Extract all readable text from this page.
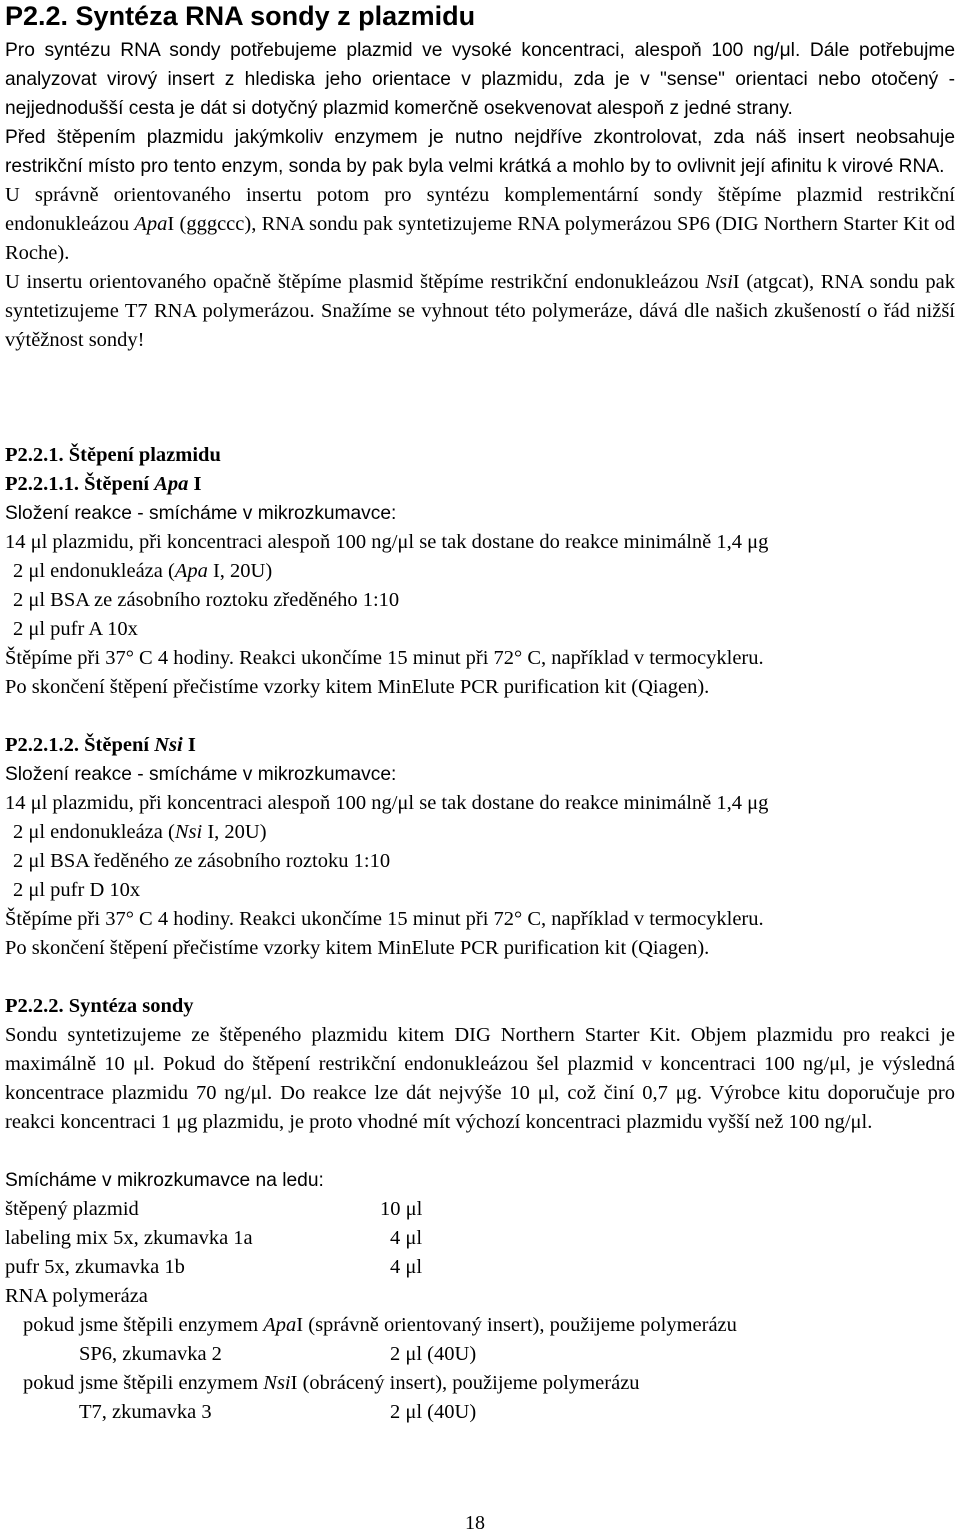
P2.2. Syntéza RNA sondy z plazmidu

Pro syntézu RNA sondy potřebujeme plazmid ve vysoké koncentraci, alespoň 100 ng/μl. Dále potřebujme analyzovat virový insert z hlediska jeho orientace v plazmidu, zda je v "sense" orientaci nebo otočený - nejjednodušší cesta je dát si dotyčný plazmid komerčně osekvenovat alespoň z jedné strany.

Před štěpením plazmidu jakýmkoliv enzymem je nutno nejdříve zkontrolovat, zda náš insert neobsahuje restrikční místo pro tento enzym, sonda by pak byla velmi krátká a mohlo by to ovlivnit její afinitu k virové RNA.

U správně orientovaného insertu potom pro syntézu komplementární sondy štěpíme plazmid restrikční endonukleázou ApaI (gggccc), RNA sondu pak syntetizujeme RNA polymerázou SP6 (DIG Northern Starter Kit od Roche).

U insertu orientovaného opačně štěpíme plasmid štěpíme restrikční endonukleázou NsiI (atgcat), RNA sondu pak syntetizujeme T7 RNA polymerázou. Snažíme se vyhnout této polymeráze, dává dle našich zkušeností o řád nižší výtěžnost sondy!

P2.2.1. Štěpení plazmidu
P2.2.1.1. Štěpení Apa I
Složení reakce - smícháme v mikrozkumavce:
14 μl plazmidu, při koncentraci alespoň 100 ng/μl se tak dostane do reakce minimálně 1,4 μg
2 μl endonukleáza (Apa I, 20U)
2 μl BSA ze zásobního roztoku zředěného 1:10
2 μl pufr A 10x
Štěpíme při 37° C 4 hodiny. Reakci ukončíme 15 minut při 72° C, například v termocykleru.
Po skončení štěpení přečistíme vzorky kitem MinElute PCR purification kit (Qiagen).
P2.2.1.2. Štěpení Nsi I
Složení reakce - smícháme v mikrozkumavce:
14 μl plazmidu, při koncentraci alespoň 100 ng/μl se tak dostane do reakce minimálně 1,4 μg
2 μl endonukleáza (Nsi I, 20U)
2 μl BSA ředěného ze zásobního roztoku 1:10
2 μl pufr D 10x
Štěpíme při 37° C 4 hodiny. Reakci ukončíme 15 minut při 72° C, například v termocykleru.
Po skončení štěpení přečistíme vzorky kitem MinElute PCR purification kit (Qiagen).
P2.2.2. Syntéza sondy

Sondu syntetizujeme ze štěpeného plazmidu kitem DIG Northern Starter Kit. Objem plazmidu pro reakci je maximálně 10 μl. Pokud do štěpení restrikční endonukleázou šel plazmid v koncentraci 100 ng/μl, je výsledná koncentrace plazmidu 70 ng/μl. Do reakce lze dát nejvýše 10 μl, což činí 0,7 μg. Výrobce kitu doporučuje pro reakci koncentraci 1 μg plazmidu, je proto vhodné mít výchozí koncentraci plazmidu vyšší než 100 ng/μl.

Smícháme v mikrozkumavce na ledu:
štěpený plazmid	10 μl
labeling mix 5x, zkumavka 1a	4 μl
pufr 5x, zkumavka 1b	4 μl
RNA polymeráza
pokud jsme štěpili enzymem ApaI (správně orientovaný insert), použijeme polymerázu
SP6, zkumavka 2	2 μl (40U)
pokud jsme štěpili enzymem NsiI (obrácený insert), použijeme polymerázu
T7, zkumavka 3	2 μl (40U)
18
